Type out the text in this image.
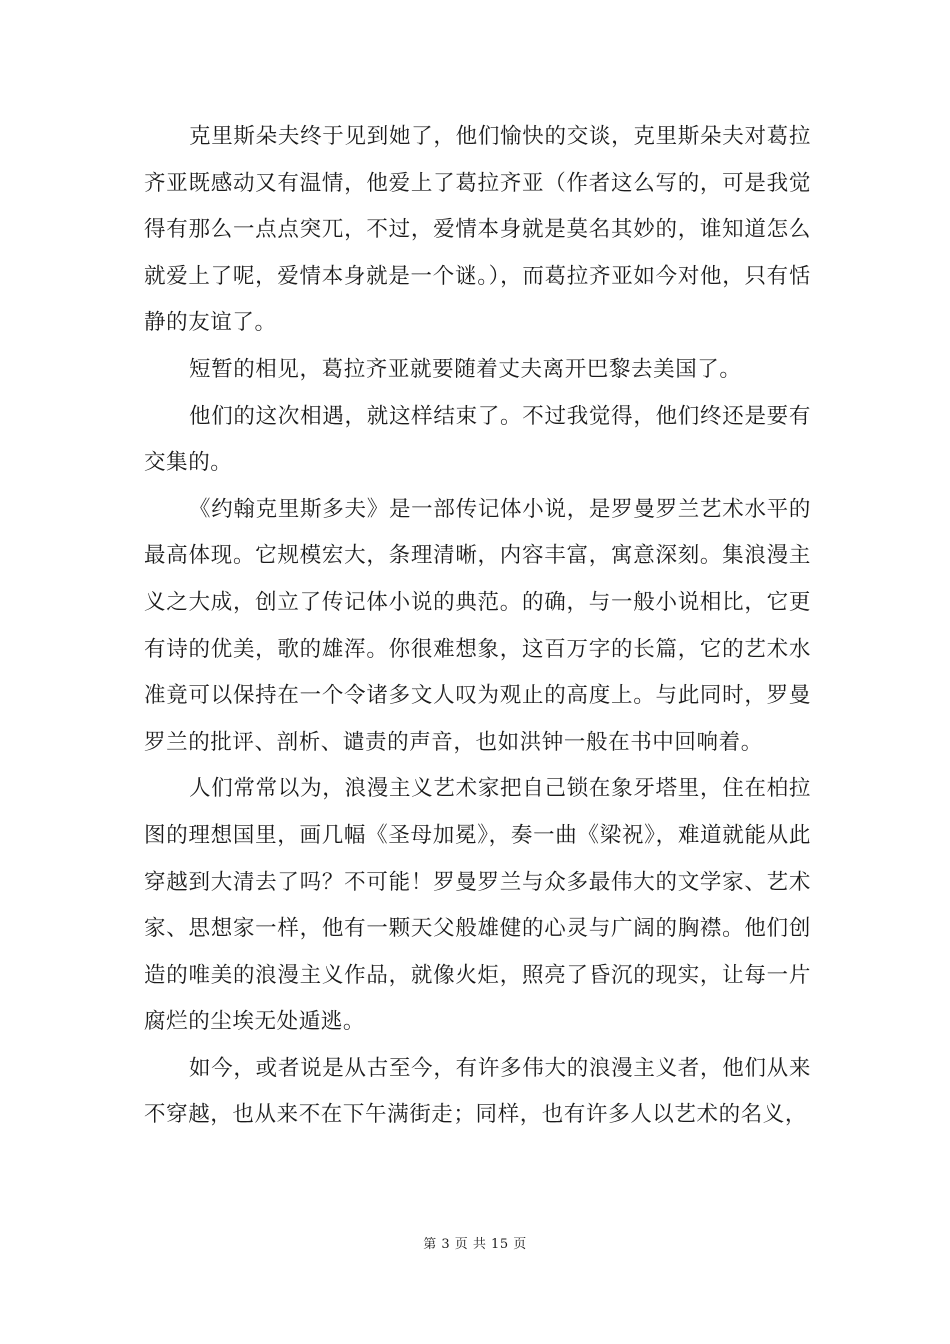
克里斯朵夫终于见到她了，他们愉快的交谈，克里斯朵夫对葛拉齐亚既感动又有温情，他爱上了葛拉齐亚（作者这么写的，可是我觉得有那么一点点突兀，不过，爱情本身就是莫名其妙的，谁知道怎么就爱上了呢，爱情本身就是一个谜。），而葛拉齐亚如今对他，只有恬静的友谊了。

短暂的相见，葛拉齐亚就要随着丈夫离开巴黎去美国了。

他们的这次相遇，就这样结束了。不过我觉得，他们终还是要有交集的。

《约翰克里斯多夫》是一部传记体小说，是罗曼罗兰艺术水平的最高体现。它规模宏大，条理清晰，内容丰富，寓意深刻。集浪漫主义之大成，创立了传记体小说的典范。的确，与一般小说相比，它更有诗的优美，歌的雄浑。你很难想象，这百万字的长篇，它的艺术水准竟可以保持在一个令诸多文人叹为观止的高度上。与此同时，罗曼罗兰的批评、剖析、谴责的声音，也如洪钟一般在书中回响着。

人们常常以为，浪漫主义艺术家把自己锁在象牙塔里，住在柏拉图的理想国里，画几幅《圣母加冕》，奏一曲《梁祝》，难道就能从此穿越到大清去了吗？不可能！罗曼罗兰与众多最伟大的文学家、艺术家、思想家一样，他有一颗天父般雄健的心灵与广阔的胸襟。他们创造的唯美的浪漫主义作品，就像火炬，照亮了昏沉的现实，让每一片腐烂的尘埃无处遁逃。

如今，或者说是从古至今，有许多伟大的浪漫主义者，他们从来不穿越，也从来不在下午满街走；同样，也有许多人以艺术的名义，

第 3 页 共 15 页
